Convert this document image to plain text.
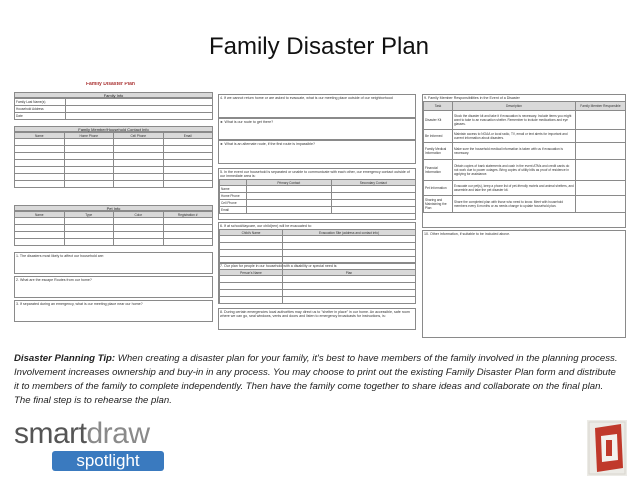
Family Disaster Plan
Family Disaster Plan
Family Info
Family Last Name(s)	
Household Address	
Date	
Family Member/Household Contact Info
Name	Home Phone	Cell Phone	Email

Pet Info
Name	Type	Color	Registration #

1. The disasters most likely to affect our household are:
2. What are the escape Routes from our home?
3. If separated during an emergency, what is our meeting place near our home?
4. If we cannot return home or are asked to evacuate, what is our meeting place outside of our neighborhood
► What is our route to get there?
► What is an alternate route, if the first route is impassible?
5. In the event our household is separated or unable to communicate with each other, our emergency contact outside of our immediate area is:
	Primary Contact	Secondary Contact
Name		
Home Phone		
Cell Phone		
Email		
6. If at school/daycare, our child(ren) will be evacuated to:
Child's Name	Evacuation Site (address and contact info)

7. Our plan for people in our household with a disability or special need is:
Person's Name	Plan

8. During certain emergencies local authorities may direct us to "shelter in place" in our home. An accessible, safe room where we can go, seal windows, vents and doors and listen to emergency broadcasts for instructions, is:
9. Family Member Responsibilities in the Event of a Disaster
Task	Description	Family Member Responsible
Disaster Kit	Stock the disaster kit and take it if evacuation is necessary. Include items you might want to take to an evacuation shelter. Remember to include medications and eye glasses.	
Be Informed	Maintain access to NOAA or local radio, TV, email or text alerts for important and current information about disasters.	
Family Medical Information	Make sure the household medical information is taken with us if evacuation is necessary.	
Financial Information	Obtain copies of bank statements and cash in the event ATMs and credit cards do not work due to power outages. Bring copies of utility bills as proof of residence in applying for assistance.	
Pet Information	Evacuate our pet(s), keep a phone list of pet-friendly motels and animal shelters, and assemble and take the pet disaster kit.	
Sharing and Maintaining the Plan	Share the completed plan with those who need to know. Meet with household members every 6 months or as needs change to update household plan.	
10. Other information, if suitable to be included above.
Disaster Planning Tip: When creating a disaster plan for your family, it's best to have members of the family involved in the planning process. Involvement increases ownership and buy-in in any process. You may choose to print out the existing Family Disaster Plan form and distribute it to members of the family to complete independently. Then have the family come together to share ideas and collaborate on the final plan. The final step is to rehearse the plan.
smartdraw
spotlight
